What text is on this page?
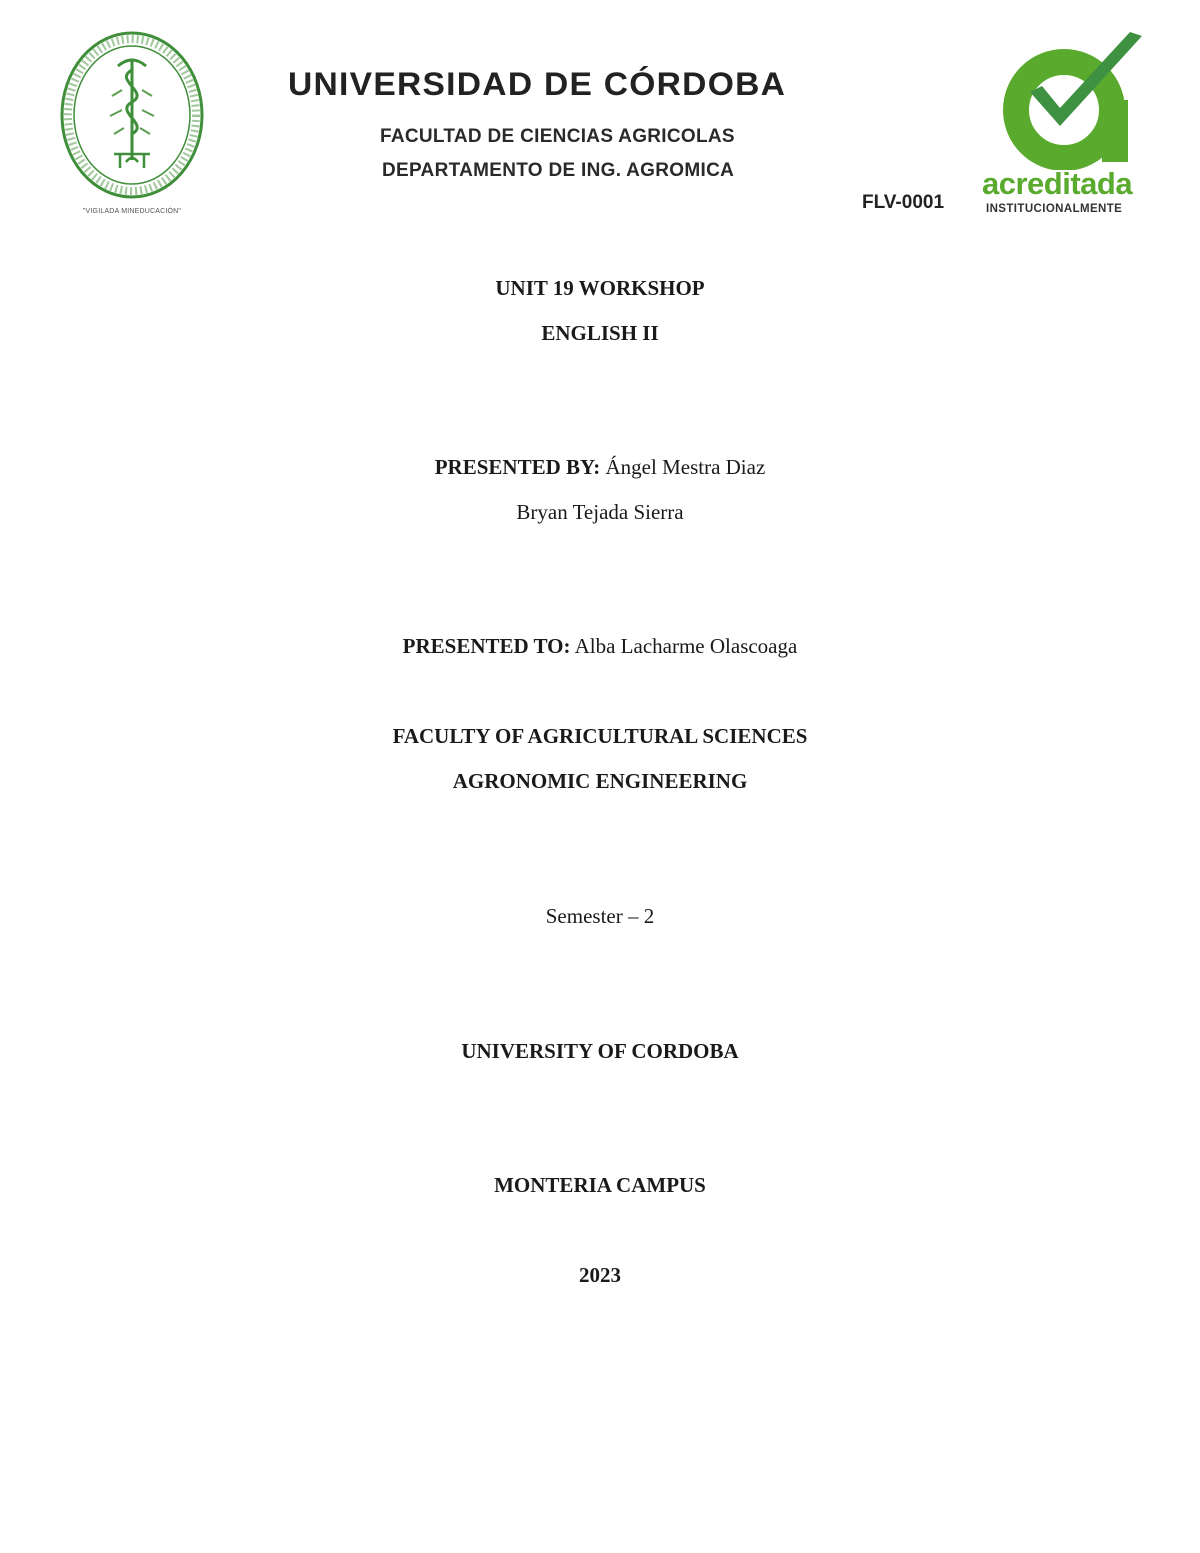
"VIGILADA MINEDUCACIÓN"
UNIVERSIDAD DE CÓRDOBA
FACULTAD DE CIENCIAS AGRICOLAS
DEPARTAMENTO DE ING. AGROMICA
FLV-0001
acreditada
INSTITUCIONALMENTE
UNIT 19 WORKSHOP
ENGLISH II
PRESENTED BY: Ángel Mestra Diaz
Bryan Tejada Sierra
PRESENTED TO: Alba Lacharme Olascoaga
FACULTY OF AGRICULTURAL SCIENCES
AGRONOMIC ENGINEERING
Semester – 2
UNIVERSITY OF CORDOBA
MONTERIA CAMPUS
2023
